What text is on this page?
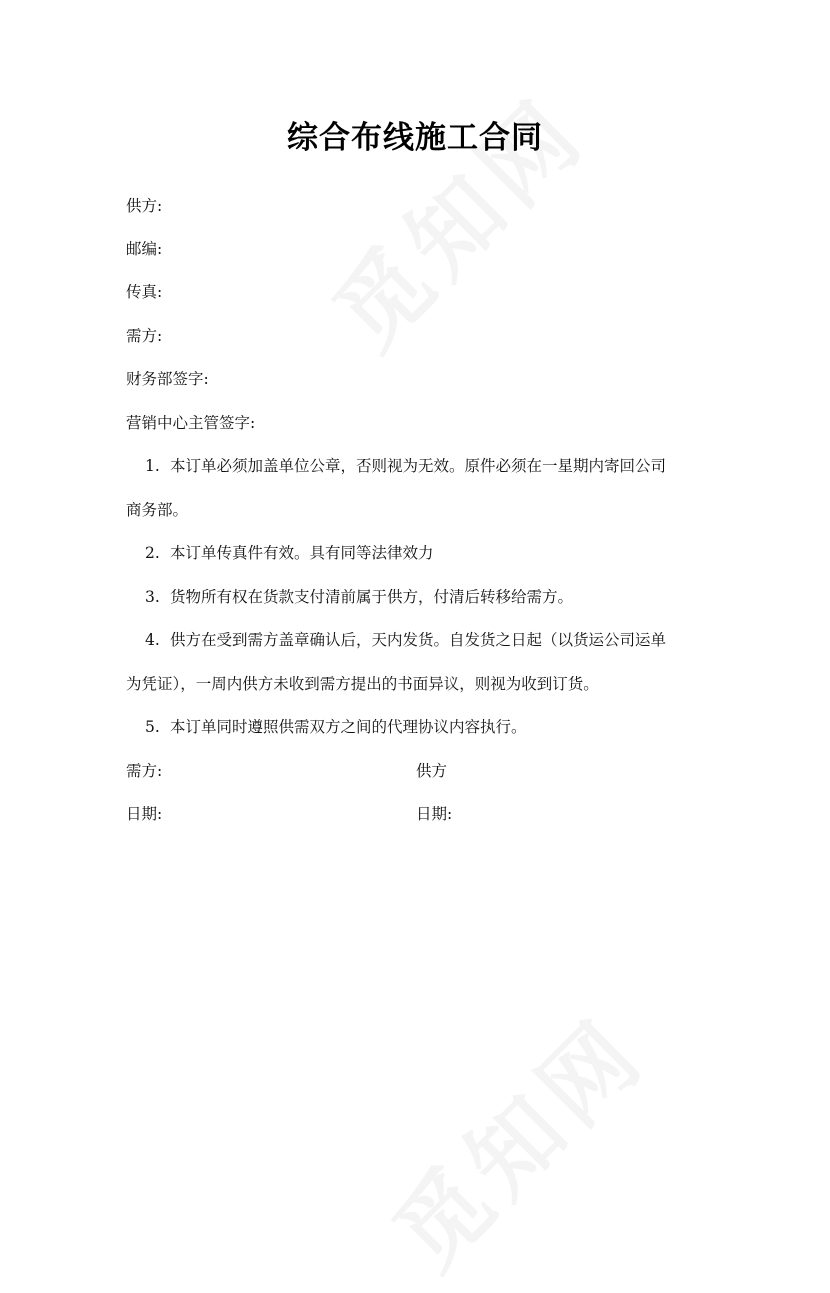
综合布线施工合同
供方:
邮编:
传真:
需方:
财务部签字:
营销中心主管签字:
1. 本订单必须加盖单位公章，否则视为无效。原件必须在一星期内寄回公司
商务部。
2. 本订单传真件有效。具有同等法律效力
3. 货物所有权在货款支付清前属于供方，付清后转移给需方。
4. 供方在受到需方盖章确认后，天内发货。自发货之日起（以货运公司运单
为凭证），一周内供方未收到需方提出的书面异议，则视为收到订货。
5. 本订单同时遵照供需双方之间的代理协议内容执行。
需方:	供方
日期:	日期:
